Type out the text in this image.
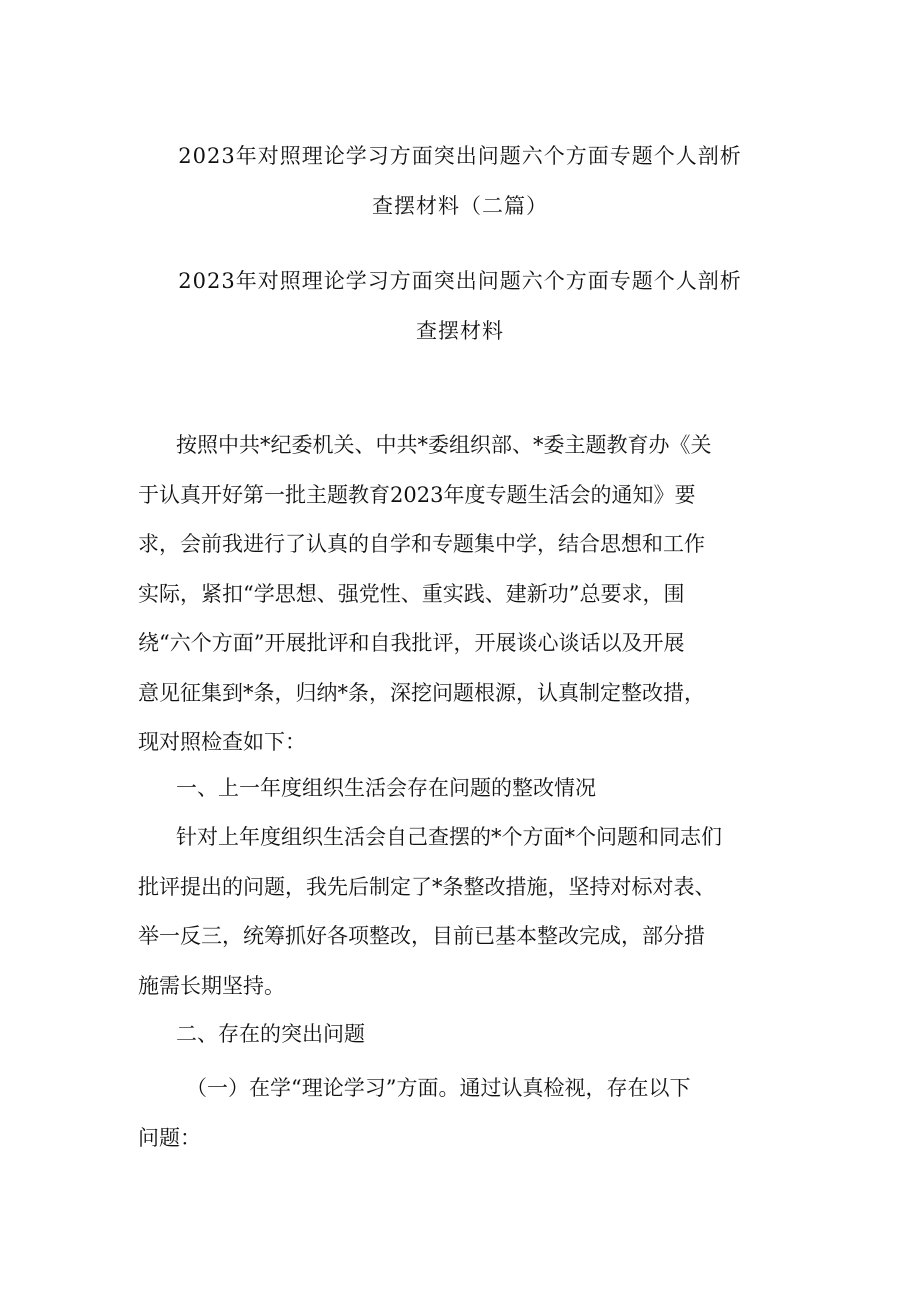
2023年对照理论学习方面突出问题六个方面专题个人剖析
查摆材料（二篇）
2023年对照理论学习方面突出问题六个方面专题个人剖析
查摆材料

按照中共*纪委机关、中共*委组织部、*委主题教育办《关
于认真开好第一批主题教育2023年度专题生活会的通知》要
求，会前我进行了认真的自学和专题集中学，结合思想和工作
实际，紧扣“学思想、强党性、重实践、建新功”总要求，围
绕“六个方面”开展批评和自我批评，开展谈心谈话以及开展
意见征集到*条，归纳*条，深挖问题根源，认真制定整改措，
现对照检查如下：

一、上一年度组织生活会存在问题的整改情况

针对上年度组织生活会自己查摆的*个方面*个问题和同志们
批评提出的问题，我先后制定了*条整改措施，坚持对标对表、
举一反三，统筹抓好各项整改，目前已基本整改完成，部分措
施需长期坚持。

二、存在的突出问题

（一）在学“理论学习”方面。通过认真检视，存在以下
问题：
